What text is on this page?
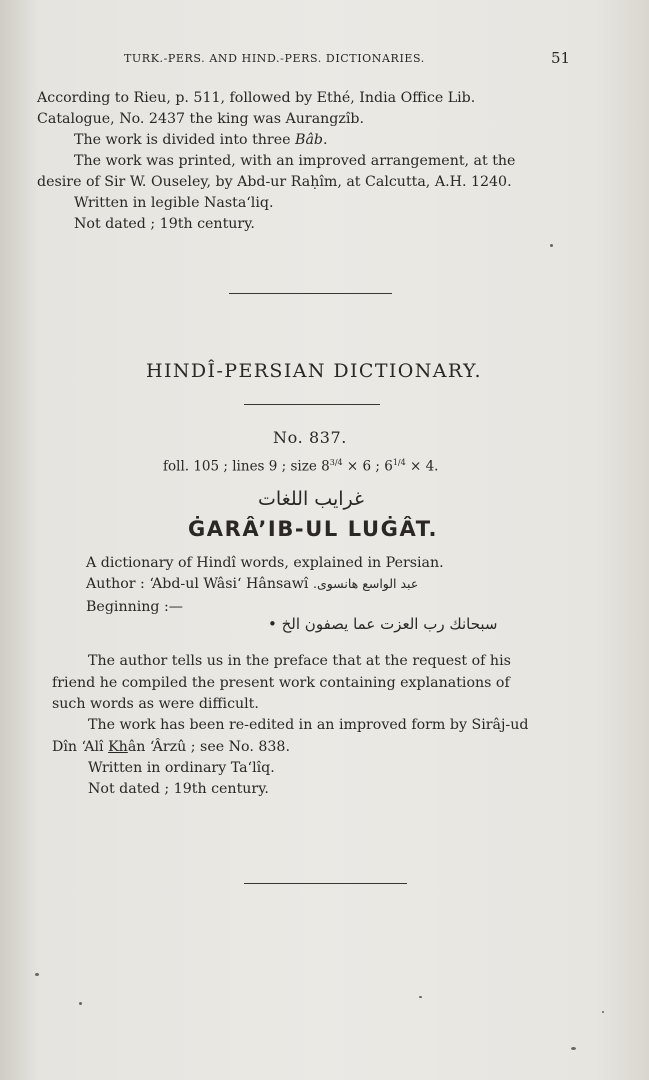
TURK.-PERS. AND HIND.-PERS. DICTIONARIES.	51
According to Rieu, p. 511, followed by Ethé, India Office Lib.
Catalogue, No. 2437 the king was Aurangzîb.
The work is divided into three Bâb.
The work was printed, with an improved arrangement, at the
desire of Sir W. Ouseley, by Abd-ur Raḥîm, at Calcutta, A.H. 1240.
Written in legible Nasta‘liq.
Not dated ; 19th century.
HINDÎ-PERSIAN DICTIONARY.
No. 837.
foll. 105 ; lines 9 ; size $8^{3/4} \times 6$ ; $6^{1/4} \times 4$.
غرايب اللغات
ĠARÂ’IB-UL LUĠÂT.
A dictionary of Hindî words, explained in Persian.
Author : ‘Abd-ul Wâsi‘ Hânsawî عبد الواسع هانسوی.
Beginning :—
سبحانك رب العزت عما يصفون الخ •
The author tells us in the preface that at the request of his
friend he compiled the present work containing explanations of
such words as were difficult.
The work has been re-edited in an improved form by Sirâj-ud
Dîn ‘Alî Khân ‘Ârzû ; see No. 838.
Written in ordinary Ta‘lîq.
Not dated ; 19th century.
